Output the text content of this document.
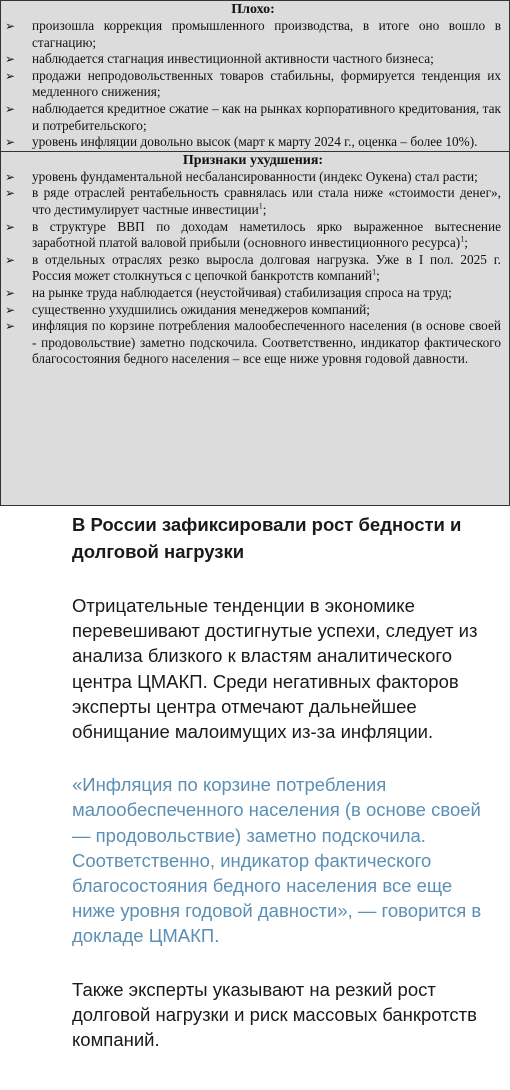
Плохо:
➢	произошла коррекция промышленного производства, в итоге оно вошло в стагнацию;
➢	наблюдается стагнация инвестиционной активности частного бизнеса;
➢	продажи непродовольственных товаров стабильны, формируется тенденция их медленного снижения;
➢	наблюдается кредитное сжатие – как на рынках корпоративного кредитования, так и потребительского;
➢	уровень инфляции довольно высок (март к марту 2024 г., оценка – более 10%).
Признаки ухудшения:
➢	уровень фундаментальной несбалансированности (индекс Оукена) стал расти;
➢	в ряде отраслей рентабельность сравнялась или стала ниже «стоимости денег», что дестимулирует частные инвестиции$^1$;
➢	в структуре ВВП по доходам наметилось ярко выраженное вытеснение заработной платой валовой прибыли (основного инвестиционного ресурса)$^1$;
➢	в отдельных отраслях резко выросла долговая нагрузка. Уже в I пол. 2025 г. Россия может столкнуться с цепочкой банкротств компаний$^1$;
➢	на рынке труда наблюдается (неустойчивая) стабилизация спроса на труд;
➢	существенно ухудшились ожидания менеджеров компаний;
➢	инфляция по корзине потребления малообеспеченного населения (в основе своей - продовольствие) заметно подскочила. Соответственно, индикатор фактического благосостояния бедного населения – все еще ниже уровня годовой давности.
В России зафиксировали рост бедности и долговой нагрузки

Отрицательные тенденции в экономике перевешивают достигнутые успехи, следует из анализа близкого к властям аналитического центра ЦМАКП. Среди негативных факторов эксперты центра отмечают дальнейшее обнищание малоимущих из-за инфляции.

«Инфляция по корзине потребления малообеспеченного населения (в основе своей — продовольствие) заметно подскочила. Соответственно, индикатор фактического благосостояния бедного населения все еще ниже уровня годовой давности», — говорится в докладе ЦМАКП.

Также эксперты указывают на резкий рост долговой нагрузки и риск массовых банкротств компаний.
